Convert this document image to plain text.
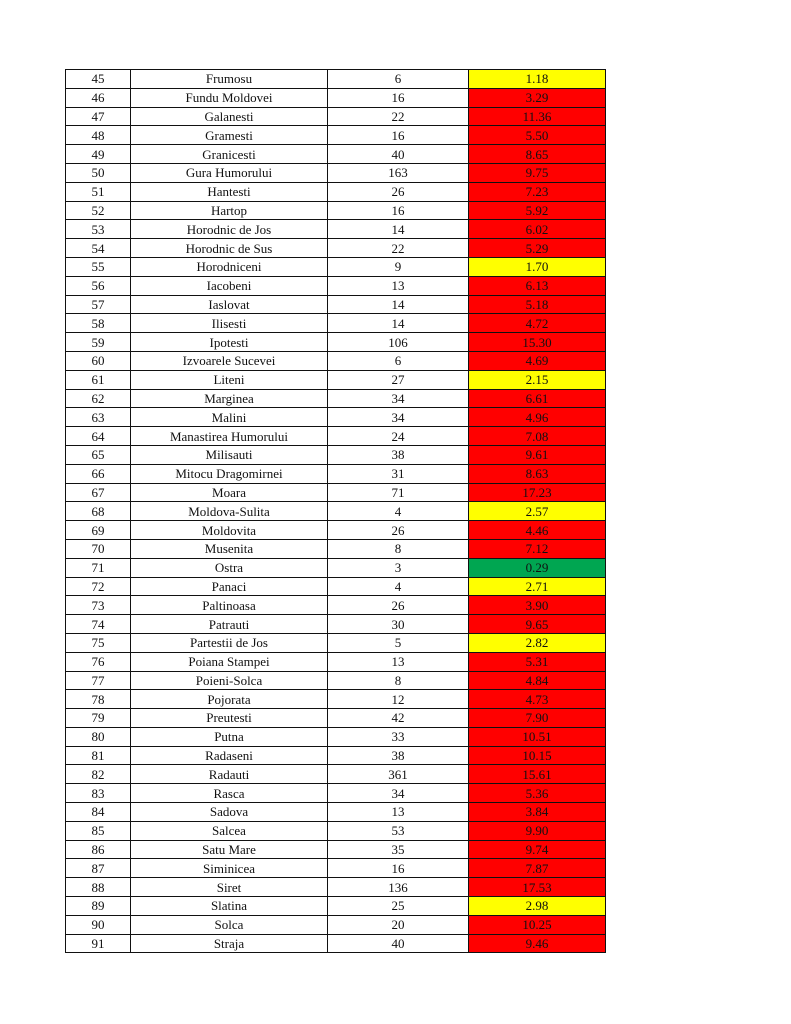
45	Frumosu	6	1.18
46	Fundu Moldovei	16	3.29
47	Galanesti	22	11.36
48	Gramesti	16	5.50
49	Granicesti	40	8.65
50	Gura Humorului	163	9.75
51	Hantesti	26	7.23
52	Hartop	16	5.92
53	Horodnic de Jos	14	6.02
54	Horodnic de Sus	22	5.29
55	Horodniceni	9	1.70
56	Iacobeni	13	6.13
57	Iaslovat	14	5.18
58	Ilisesti	14	4.72
59	Ipotesti	106	15.30
60	Izvoarele Sucevei	6	4.69
61	Liteni	27	2.15
62	Marginea	34	6.61
63	Malini	34	4.96
64	Manastirea Humorului	24	7.08
65	Milisauti	38	9.61
66	Mitocu Dragomirnei	31	8.63
67	Moara	71	17.23
68	Moldova-Sulita	4	2.57
69	Moldovita	26	4.46
70	Musenita	8	7.12
71	Ostra	3	0.29
72	Panaci	4	2.71
73	Paltinoasa	26	3.90
74	Patrauti	30	9.65
75	Partestii de Jos	5	2.82
76	Poiana Stampei	13	5.31
77	Poieni-Solca	8	4.84
78	Pojorata	12	4.73
79	Preutesti	42	7.90
80	Putna	33	10.51
81	Radaseni	38	10.15
82	Radauti	361	15.61
83	Rasca	34	5.36
84	Sadova	13	3.84
85	Salcea	53	9.90
86	Satu Mare	35	9.74
87	Siminicea	16	7.87
88	Siret	136	17.53
89	Slatina	25	2.98
90	Solca	20	10.25
91	Straja	40	9.46
